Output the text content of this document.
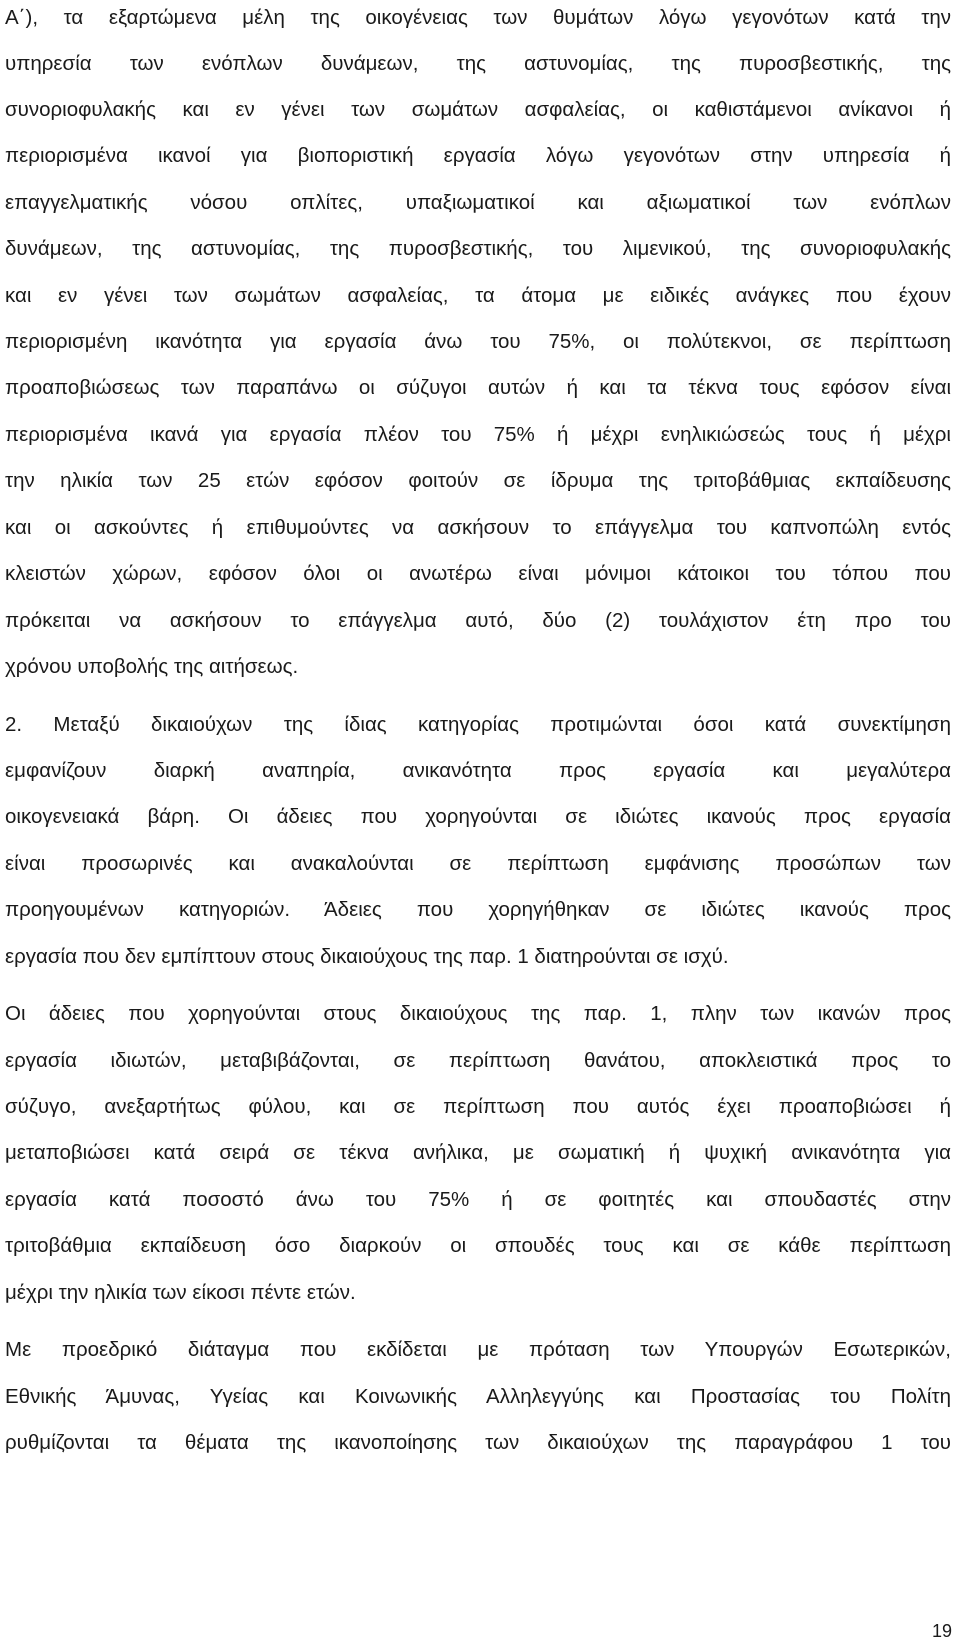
Α΄), τα εξαρτώμενα μέλη της οικογένειας των θυμάτων λόγω γεγονότων κατά την
υπηρεσία των ενόπλων δυνάμεων, της αστυνομίας, της πυροσβεστικής, της
συνοριοφυλακής και εν γένει των σωμάτων ασφαλείας, οι καθιστάμενοι ανίκανοι ή
περιορισμένα ικανοί για βιοποριστική εργασία λόγω γεγονότων στην υπηρεσία ή
επαγγελματικής νόσου οπλίτες, υπαξιωματικοί και αξιωματικοί των ενόπλων
δυνάμεων, της αστυνομίας, της πυροσβεστικής, του λιμενικού, της συνοριοφυλακής
και εν γένει των σωμάτων ασφαλείας, τα άτομα με ειδικές ανάγκες που έχουν
περιορισμένη ικανότητα για εργασία άνω του 75%, οι πολύτεκνοι, σε περίπτωση
προαποβιώσεως των παραπάνω οι σύζυγοι αυτών ή και τα τέκνα τους εφόσον είναι
περιορισμένα ικανά για εργασία πλέον του 75% ή μέχρι ενηλικιώσεώς τους ή μέχρι
την ηλικία των 25 ετών εφόσον φοιτούν σε ίδρυμα της τριτοβάθμιας εκπαίδευσης
και οι ασκούντες ή επιθυμούντες να ασκήσουν το επάγγελμα του καπνοπώλη εντός
κλειστών χώρων, εφόσον όλοι οι ανωτέρω είναι μόνιμοι κάτοικοι του τόπου που
πρόκειται να ασκήσουν το επάγγελμα αυτό, δύο (2) τουλάχιστον έτη προ του
χρόνου υποβολής της αιτήσεως.
2. Μεταξύ δικαιούχων της ίδιας κατηγορίας προτιμώνται όσοι κατά συνεκτίμηση
εμφανίζουν διαρκή αναπηρία, ανικανότητα προς εργασία και μεγαλύτερα
οικογενειακά βάρη. Οι άδειες που χορηγούνται σε ιδιώτες ικανούς προς εργασία
είναι προσωρινές και ανακαλούνται σε περίπτωση εμφάνισης προσώπων των
προηγουμένων κατηγοριών. Άδειες που χορηγήθηκαν σε ιδιώτες ικανούς προς
εργασία που δεν εμπίπτουν στους δικαιούχους της παρ. 1 διατηρούνται σε ισχύ.
Οι άδειες που χορηγούνται στους δικαιούχους της παρ. 1, πλην των ικανών προς
εργασία ιδιωτών, μεταβιβάζονται, σε περίπτωση θανάτου, αποκλειστικά προς το
σύζυγο, ανεξαρτήτως φύλου, και σε περίπτωση που αυτός έχει προαποβιώσει ή
μεταποβιώσει κατά σειρά σε τέκνα ανήλικα, με σωματική ή ψυχική ανικανότητα για
εργασία κατά ποσοστό άνω του 75% ή σε φοιτητές και σπουδαστές στην
τριτοβάθμια εκπαίδευση όσο διαρκούν οι σπουδές τους και σε κάθε περίπτωση
μέχρι την ηλικία των είκοσι πέντε ετών.
Με προεδρικό διάταγμα που εκδίδεται με πρόταση των Υπουργών Εσωτερικών,
Εθνικής Άμυνας, Υγείας και Κοινωνικής Αλληλεγγύης και Προστασίας του Πολίτη
ρυθμίζονται τα θέματα της ικανοποίησης των δικαιούχων της παραγράφου 1 του
19
